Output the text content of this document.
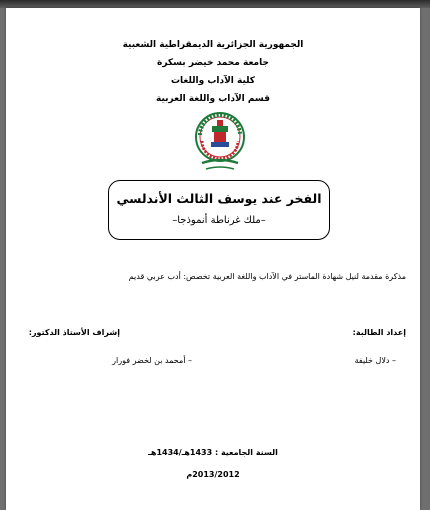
الجمهورية الجزائرية الديمقراطية الشعبية
جامعة محمد خيضر بسكرة
كلية الآداب واللغات
قسم الآداب واللغة العربية
الفخر عند يوسف الثالث الأندلسي
–ملك غرناطة أنموذجا–
مذكرة مقدمة لنيل شهادة الماستر في الآداب واللغة العربية تخصص: أدب عربي قديم
إعداد الطالبة:
إشراف الأستاذ الدكتور:
– دلال خليفة
– أمحمد بن لخضر فورار
السنة الجامعية : 1433هـ/1434هـ
2013/2012م
